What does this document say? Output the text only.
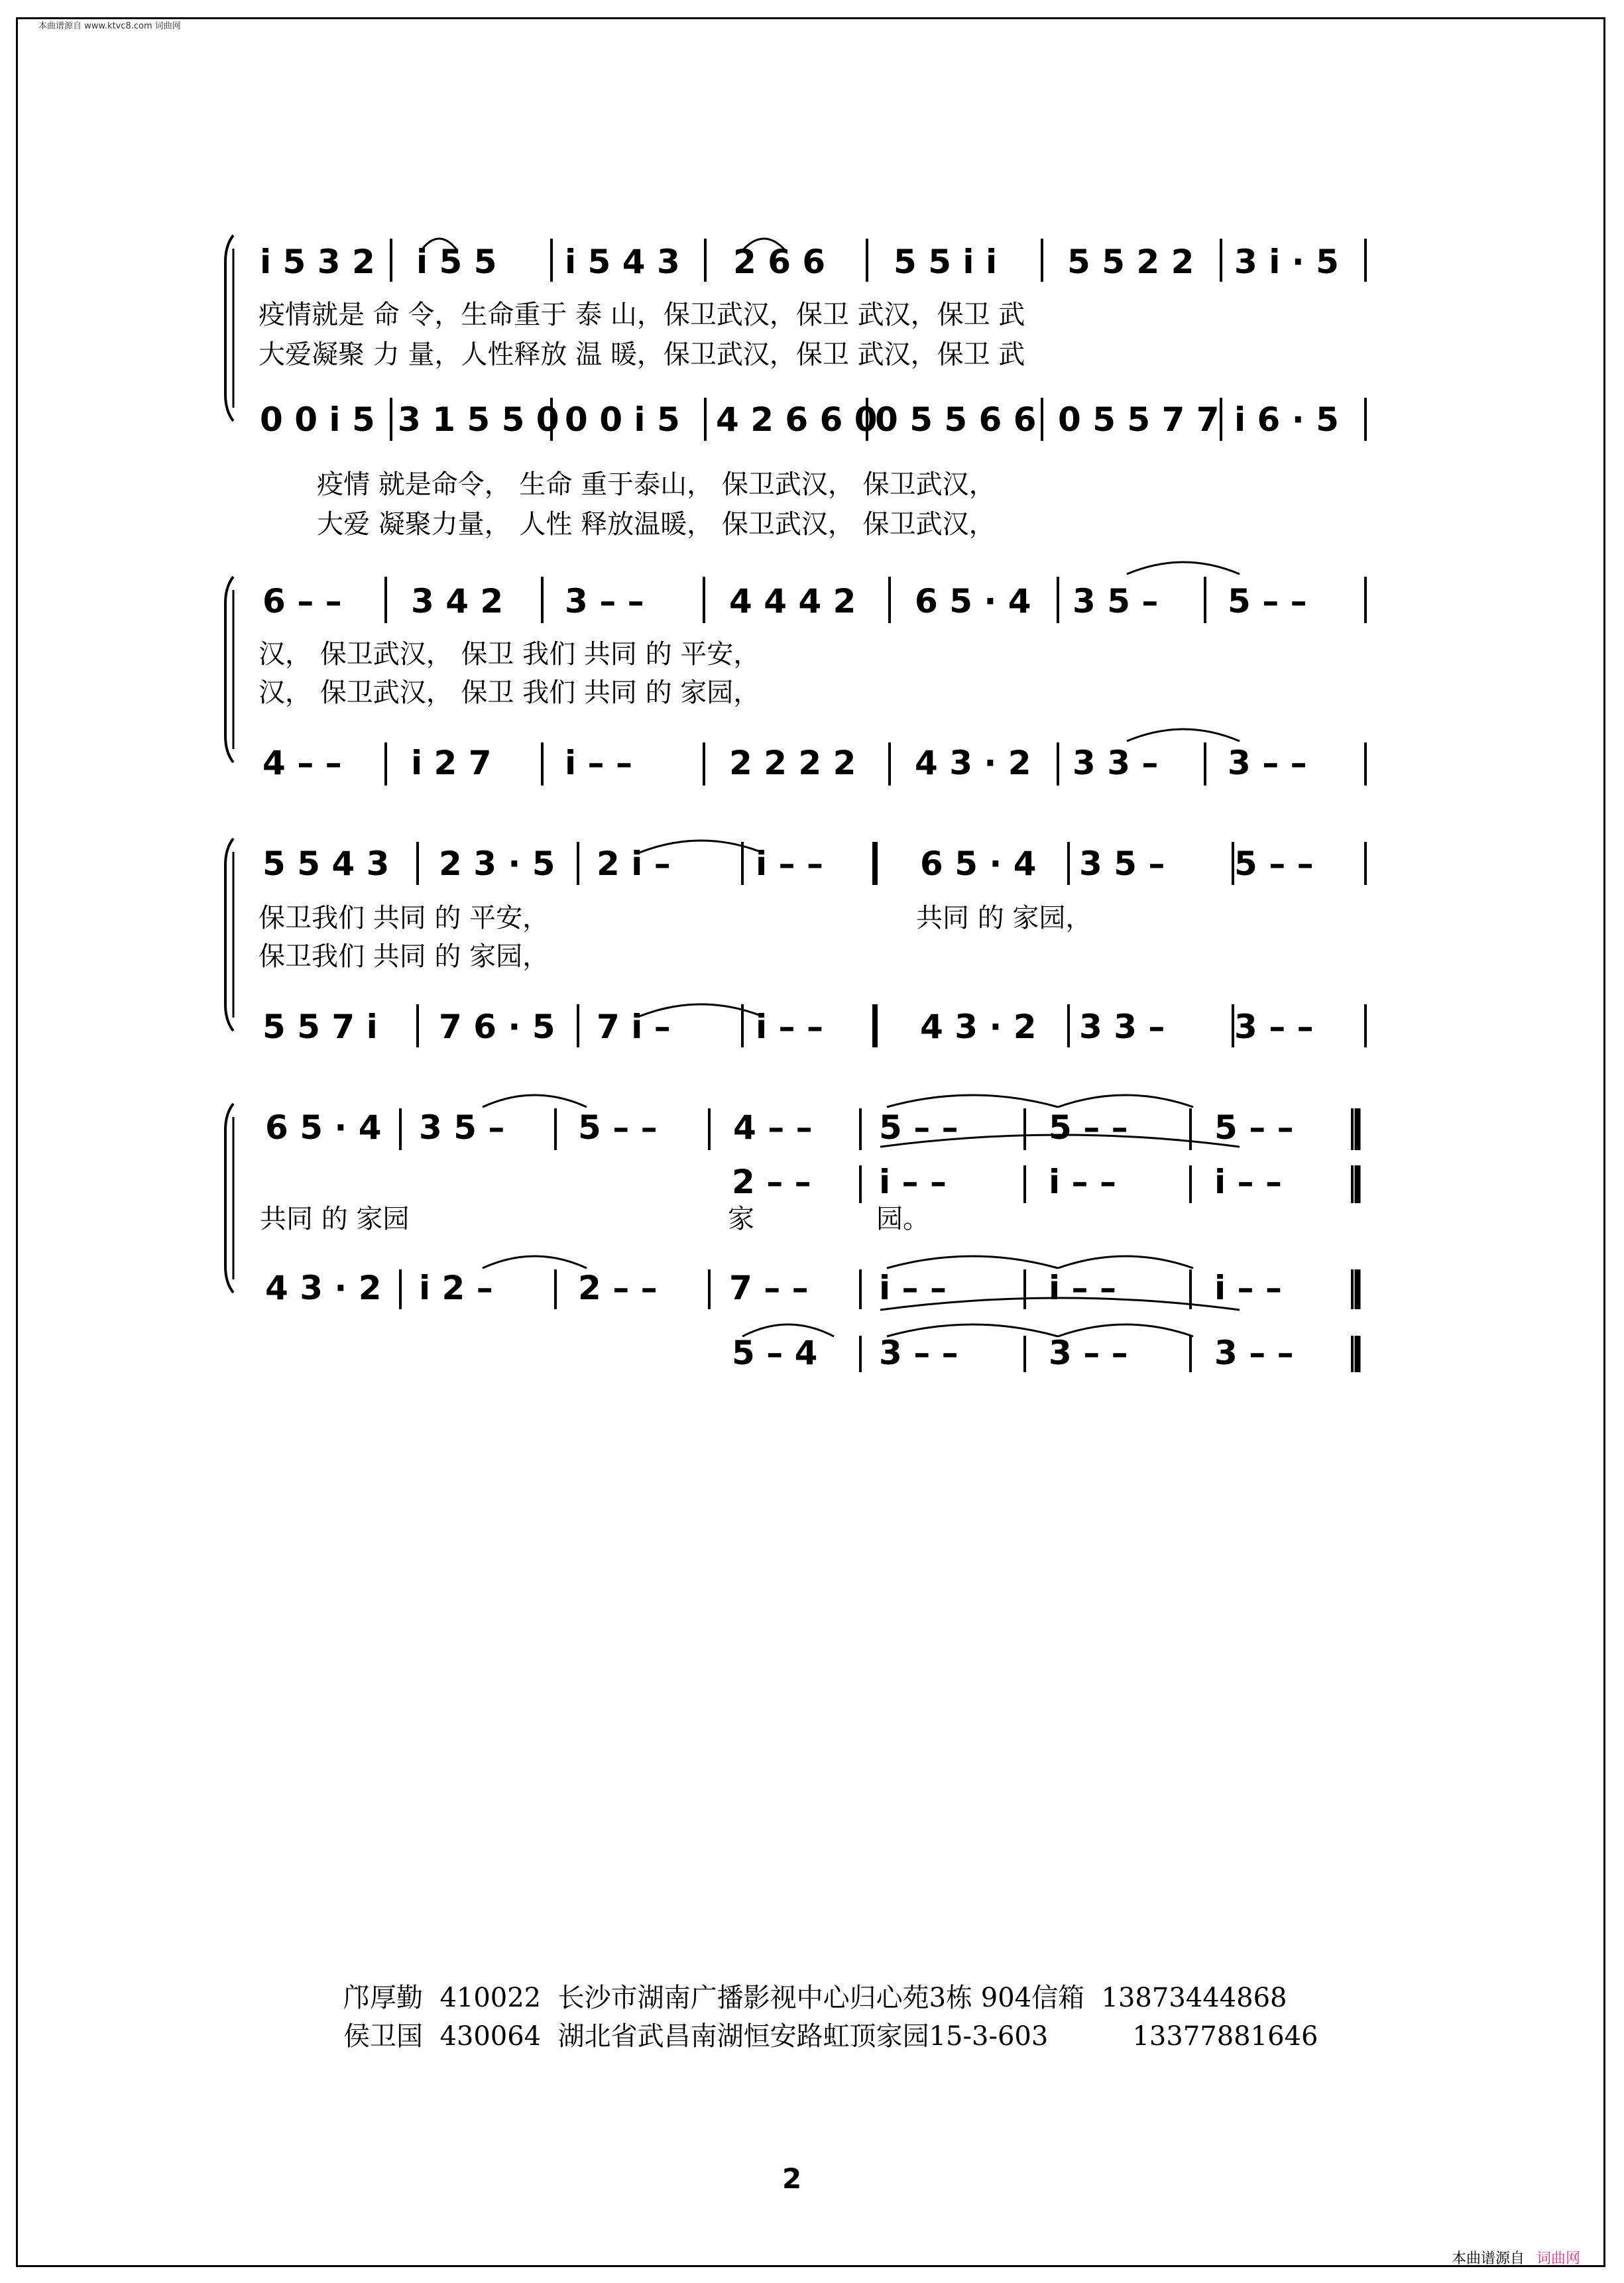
本曲谱源自 www.ktvc8.com 词曲网
i 5 3 2 i 5 5 i 5 4 3 2 6 6 5 5 i i 5 5 2 2 3 i · 5
疫情就是 命 令，生命重于 泰 山，保卫武汉，保卫 武汉，保卫 武
大爱凝聚 力 量，人性释放 温 暖，保卫武汉，保卫 武汉，保卫 武
0 0 i 5 3 1 5 5 0 0 0 i 5 4 2 6 6 0
0 5 5 6 6 0 5 5 7 7 i 6 · 5
疫情 就是命令， 生命 重于泰山， 保卫武汉， 保卫武汉，
大爱 凝聚力量， 人性 释放温暖， 保卫武汉， 保卫武汉，
6 – – 3 4 2 3 – –	4 4 4 2 6 5 · 4 3 5 – 5 – –
汉， 保卫武汉， 保卫 我们 共同 的 平安，
汉， 保卫武汉， 保卫 我们 共同 的 家园，
4 – – i 2 7 i – –	2 2 2 2 4 3 · 2 3 3 – 3 – –
5 5 4 3 2 3 · 5 2 i –	i – –	6 5 · 4 3 5 – 5 – –
保卫我们 共同 的 平安，	共同 的 家园，
保卫我们 共同 的 家园，
5 5 7 i 7 6 · 5 7 i –	i – –	4 3 · 2 3 3 – 3 – –
6 5 · 4 3 5 – 5 – – 4 – – 5 – –	5 – –	5 – –
2 – – i – –	i – –	i – –
共同 的 家园	家	园。
4 3 · 2 i 2 –	2 – – 7 – – i – –	i – –	i – –
5 – 4 3 – –	3 – –	3 – –
邝厚勤 410022 长沙市湖南广播影视中心归心苑3栋 904信箱 13873444868
侯卫国 430064 湖北省武昌南湖恒安路虹顶家园15-3-603	13377881646
2
本曲谱源自 词曲网
